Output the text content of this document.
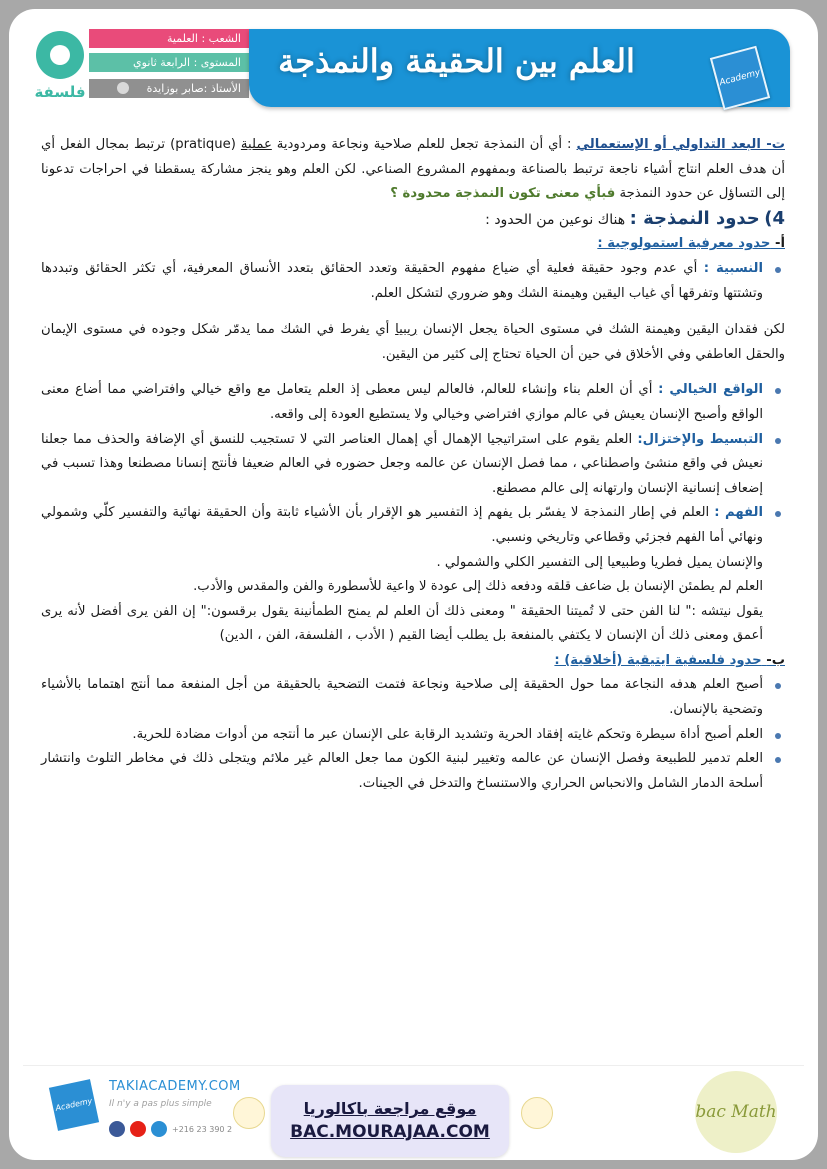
فلسفة
الشعب : العلمية
المستوى : الرابعة ثانوي
الأستاذ :صابر بوزايدة
العلم بين الحقيقة والنمذجة	Academy

ت- البعد التداولي أو الإستعمالي : أي أن النمذجة تجعل للعلم صلاحية ونجاعة ومردودية عملية (pratique) ترتبط بمجال الفعل أي أن هدف العلم انتاج أشياء ناجعة ترتبط بالصناعة وبمفهوم المشروع الصناعي. لكن العلم وهو ينجز مشاركة يسقطنا في احراجات تدعونا إلى التساؤل عن حدود النمذجة فبأي معنى تكون النمذجة محدودة ؟

4) حدود النمذجة : هناك نوعين من الحدود :

أ- حدود معرفية استمولوجية :

النسبية : أي عدم وجود حقيقة فعلية أي ضياع مفهوم الحقيقة وتعدد الحقائق بتعدد الأنساق المعرفية، أي تكثر الحقائق وتبددها وتشتتها وتفرقها أي غياب اليقين وهيمنة الشك وهو ضروري لتشكل العلم.

لكن فقدان اليقين وهيمنة الشك في مستوى الحياة يجعل الإنسان ريبيا أي يفرط في الشك مما يدمّر شكل وجوده في مستوى الإيمان والحقل العاطفي وفي الأخلاق في حين أن الحياة تحتاج إلى كثير من اليقين.

الواقع الخيالي : أي أن العلم بناء وإنشاء للعالم، فالعالم ليس معطى إذ العلم يتعامل مع واقع خيالي وافتراضي مما أضاع معنى الواقع وأصبح الإنسان يعيش في عالم موازي افتراضي وخيالي ولا يستطيع العودة إلى واقعه.
التبسيط والإختزال: العلم يقوم على استراتيجيا الإهمال أي إهمال العناصر التي لا تستجيب للنسق أي الإضافة والحذف مما جعلنا نعيش في واقع منشئ واصطناعي ، مما فصل الإنسان عن عالمه وجعل حضوره في العالم ضعيفا فأنتج إنسانا مصطنعا وهذا تسبب في إضعاف إنسانية الإنسان وارتهانه إلى عالم مصطنع.
الفهم : العلم في إطار النمذجة لا يفسّر بل يفهم إذ التفسير هو الإقرار بأن الأشياء ثابتة وأن الحقيقة نهائية والتفسير كلّي وشمولي ونهائي أما الفهم فجزئي وقطاعي وتاريخي ونسبي.

والإنسان يميل فطريا وطبيعيا إلى التفسير الكلي والشمولي .

العلم لم يطمئن الإنسان بل ضاعف قلقه ودفعه ذلك إلى عودة لا واعية للأسطورة والفن والمقدس والأدب.

يقول نيتشه :" لنا الفن حتى لا تُميتنا الحقيقة " ومعنى ذلك أن العلم لم يمنح الطمأنينة يقول برقسون:" إن الفن يرى أفضل لأنه يرى أعمق ومعنى ذلك أن الإنسان لا يكتفي بالمنفعة بل يطلب أيضا القيم ( الأدب ، الفلسفة، الفن ، الدين)

ب- حدود فلسفية ايتيقية (أخلاقية) :

أصبح العلم هدفه النجاعة مما حول الحقيقة إلى صلاحية ونجاعة فتمت التضحية بالحقيقة من أجل المنفعة مما أنتج اهتماما بالأشياء وتضحية بالإنسان.
العلم أصبح أداة سيطرة وتحكم غايته إفقاد الحرية وتشديد الرقابة على الإنسان عبر ما أنتجه من أدوات مضادة للحرية.
العلم تدمير للطبيعة وفصل الإنسان عن عالمه وتغيير لبنية الكون مما جعل العالم غير ملائم ويتجلى ذلك في مخاطر التلوث وانتشار أسلحة الدمار الشامل والانحباس الحراري والاستنساخ والتدخل في الجينات.
Academy
TAKIACADEMY.COM
Il n'y a pas plus simple
+216 23 390 2
موقع مراجعة باكالوريا
BAC.MOURAJAA.COM
bac Math
